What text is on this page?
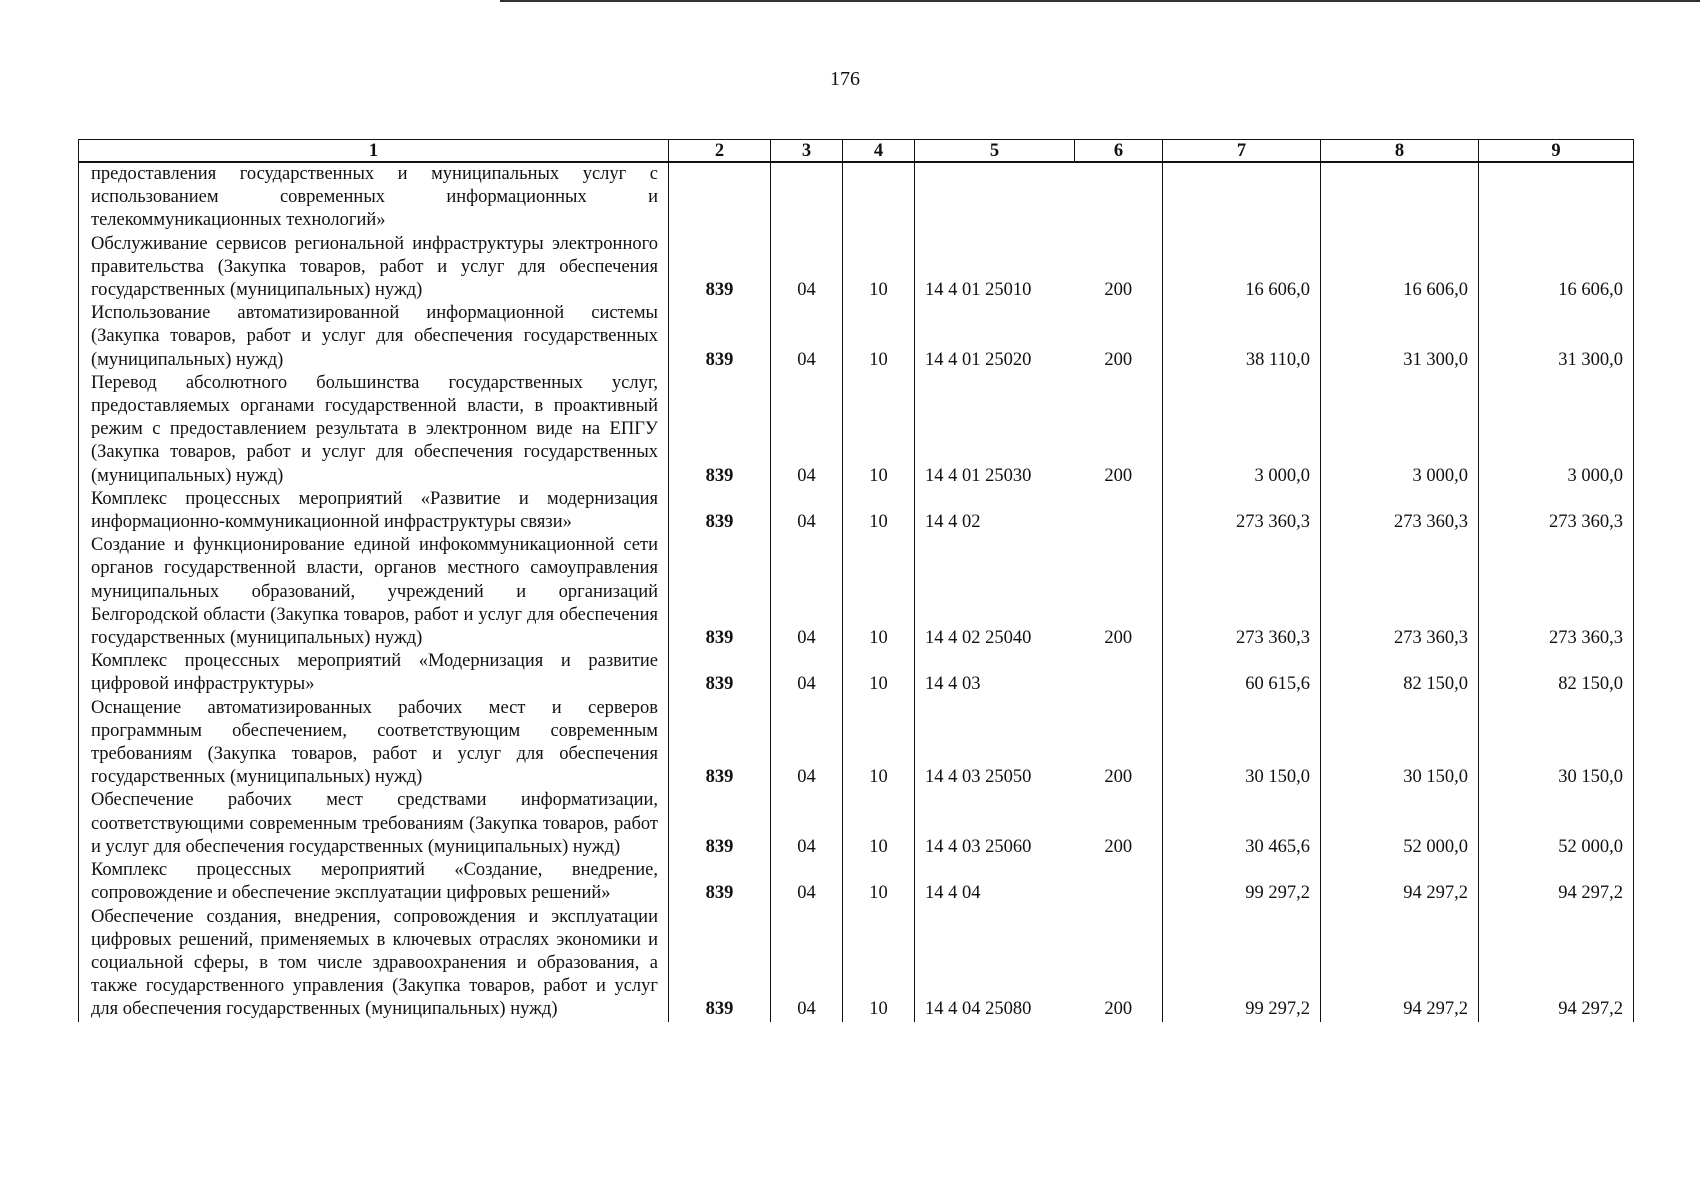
176
1	2	3	4	5	6	7	8	9
предоставления государственных и муниципальных услуг с использованием современных информационных и телекоммуникационных технологий»								
Обслуживание сервисов региональной инфраструктуры электронного правительства (Закупка товаров, работ и услуг для обеспечения государственных (муниципальных) нужд)	839	04	10	14 4 01 25010	200	16 606,0	16 606,0	16 606,0
Использование автоматизированной информационной системы (Закупка товаров, работ и услуг для обеспечения государственных (муниципальных) нужд)	839	04	10	14 4 01 25020	200	38 110,0	31 300,0	31 300,0
Перевод абсолютного большинства государственных услуг, предоставляемых органами государственной власти, в проактивный режим с предоставлением результата в электронном виде на ЕПГУ (Закупка товаров, работ и услуг для обеспечения государственных (муниципальных) нужд)	839	04	10	14 4 01 25030	200	3 000,0	3 000,0	3 000,0
Комплекс процессных мероприятий «Развитие и модернизация информационно-коммуникационной инфраструктуры связи»	839	04	10	14 4 02		273 360,3	273 360,3	273 360,3
Создание и функционирование единой инфокоммуникационной сети органов государственной власти, органов местного самоуправления муниципальных образований, учреждений и организаций Белгородской области (Закупка товаров, работ и услуг для обеспечения государственных (муниципальных) нужд)	839	04	10	14 4 02 25040	200	273 360,3	273 360,3	273 360,3
Комплекс процессных мероприятий «Модернизация и развитие цифровой инфраструктуры»	839	04	10	14 4 03		60 615,6	82 150,0	82 150,0
Оснащение автоматизированных рабочих мест и серверов программным обеспечением, соответствующим современным требованиям (Закупка товаров, работ и услуг для обеспечения государственных (муниципальных) нужд)	839	04	10	14 4 03 25050	200	30 150,0	30 150,0	30 150,0
Обеспечение рабочих мест средствами информатизации, соответствующими современным требованиям (Закупка товаров, работ и услуг для обеспечения государственных (муниципальных) нужд)	839	04	10	14 4 03 25060	200	30 465,6	52 000,0	52 000,0
Комплекс процессных мероприятий «Создание, внедрение, сопровождение и обеспечение эксплуатации цифровых решений»	839	04	10	14 4 04		99 297,2	94 297,2	94 297,2
Обеспечение создания, внедрения, сопровождения и эксплуатации цифровых решений, применяемых в ключевых отраслях экономики и социальной сферы, в том числе здравоохранения и образования, а также государственного управления (Закупка товаров, работ и услуг для обеспечения государственных (муниципальных) нужд)	839	04	10	14 4 04 25080	200	99 297,2	94 297,2	94 297,2
